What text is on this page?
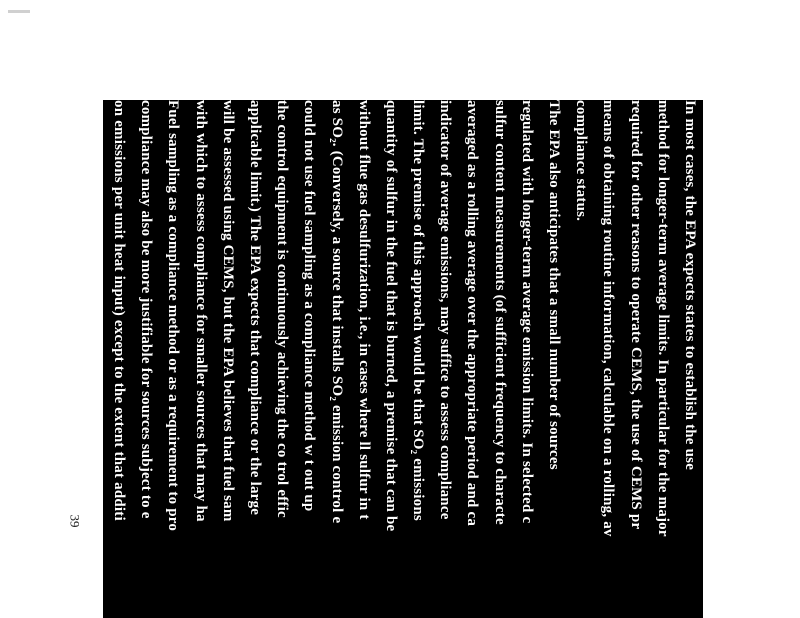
39
In most cases, the EPA expects states to establish the use
method for longer-term average limits. In particular for the major
required for other reasons to operate CEMS, the use of CEMS pr
means of obtaining routine information, calculable on a rolling, av
compliance status.
The EPA also anticipates that a small number of sources
regulated with longer-term average emission limits. In selected c
sulfur content measurements (of sufficient frequency to characte
averaged as a rolling average over the appropriate period and ca
indicator of average emissions, may suffice to assess compliance
limit. The premise of this approach would be that SO₂ emissions
quantity of sulfur in the fuel that is burned, a premise that can be
without flue gas desulfurization, i.e., in cases where ll sulfur in t
as SO₂. (Conversely, a source that installs SO₂ emission control e
could not use fuel sampling as a compliance method w t out up
the control equipment is continuously achieving the co trol effic
applicable limit.) The EPA expects that compliance or the large
will be assessed using CEMS, but the EPA believes that fuel sam
with which to assess compliance for smaller sources that may ha
Fuel sampling as a compliance method or as a requirement to pro
compliance may also be more justifiable for sources subject to e
on emissions per unit heat input) except to the extent that additi
methods are needed to evaluate the effectiveness of emission co
